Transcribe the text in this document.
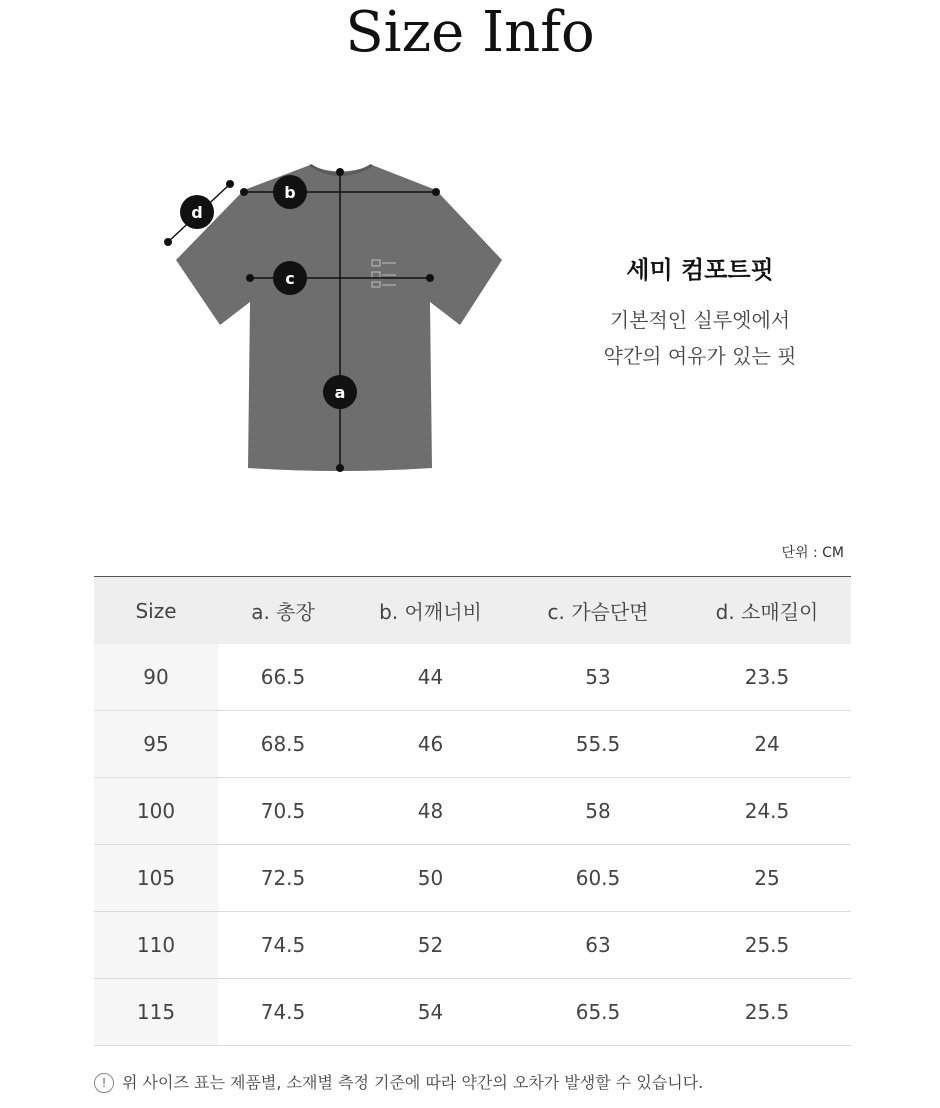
Size Info
a
b
c
d
세미 컴포트핏
기본적인 실루엣에서
약간의 여유가 있는 핏
단위 : CM
Size	a. 총장	b. 어깨너비	c. 가슴단면	d. 소매길이
90	66.5	44	53	23.5
95	68.5	46	55.5	24
100	70.5	48	58	24.5
105	72.5	50	60.5	25
110	74.5	52	63	25.5
115	74.5	54	65.5	25.5
! 위 사이즈 표는 제품별, 소재별 측정 기준에 따라 약간의 오차가 발생할 수 있습니다.
